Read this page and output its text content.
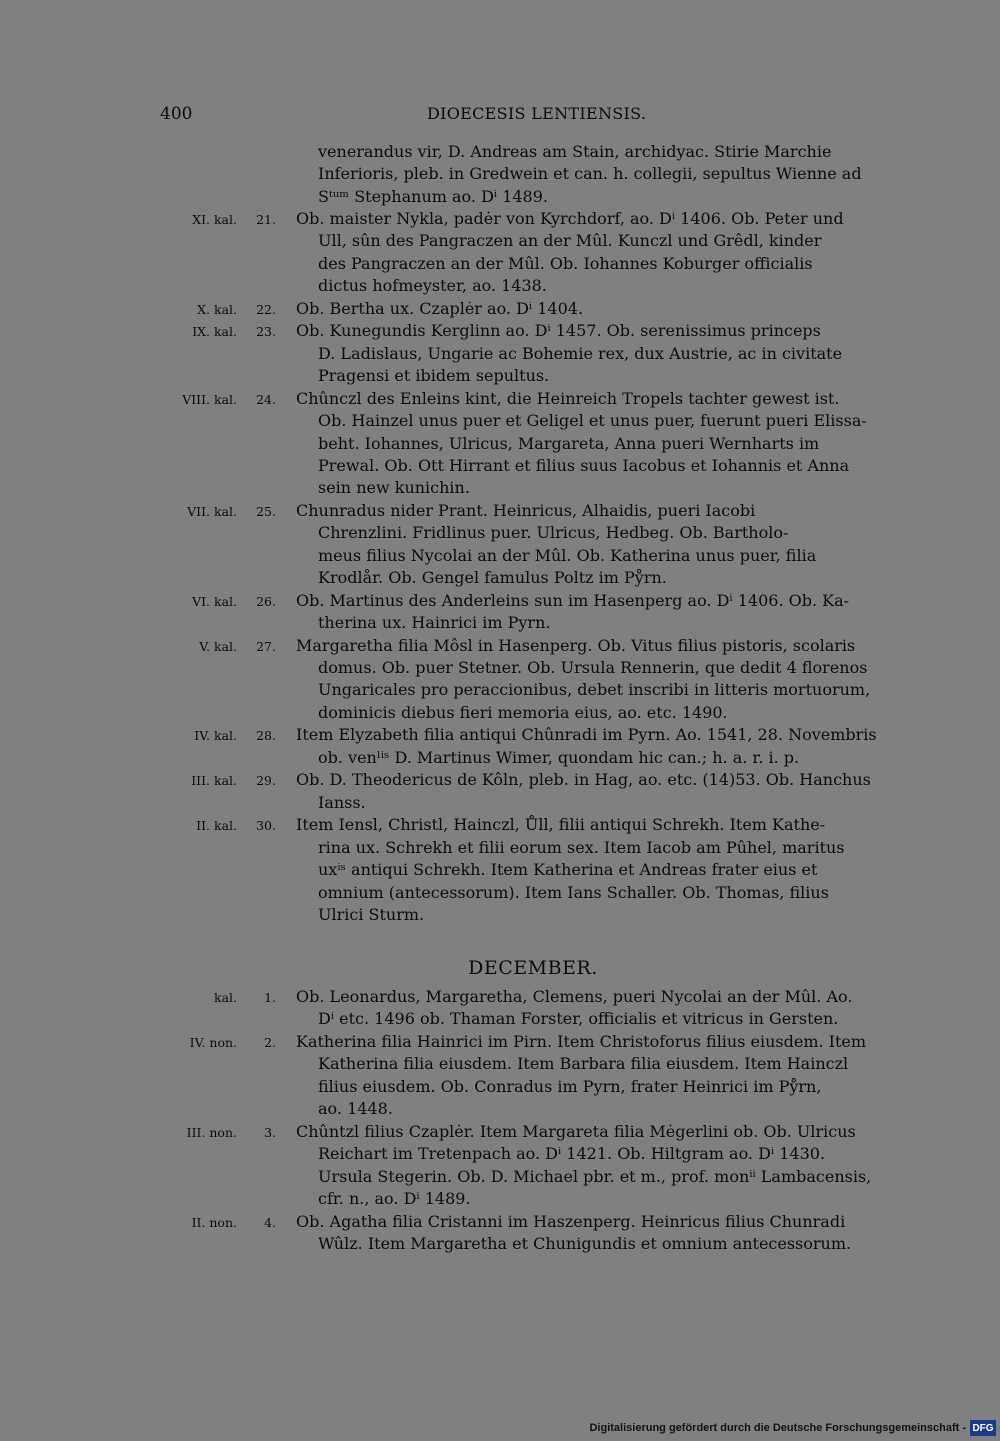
400	DIOECESIS LENTIENSIS.
venerandus vir, D. Andreas am Stain, archidyac. Stirie Marchie
Inferioris, pleb. in Gredwein et can. h. collegii, sepultus Wienne ad
Sᵗᵘᵐ Stephanum ao. Dⁱ 1489.
XI. kal. 21. Ob. maister Nykla, padėr von Kyrchdorf, ao. Dⁱ 1406. Ob. Peter und
Ull, sûn des Pangraczen an der Mûl. Kunczl und Grêdl, kinder
des Pangraczen an der Mûl. Ob. Iohannes Koburger officialis
dictus hofmeyster, ao. 1438.
X. kal. 22. Ob. Bertha ux. Czaplėr ao. Dⁱ 1404.
IX. kal. 23. Ob. Kunegundis Kerglinn ao. Dⁱ 1457. Ob. serenissimus princeps
D. Ladislaus, Ungarie ac Bohemie rex, dux Austrie, ac in civitate
Pragensi et ibidem sepultus.
VIII. kal. 24. Chûnczl des Enleins kint, die Heinreich Tropels tachter gewest ist.
Ob. Hainzel unus puer et Geligel et unus puer, fuerunt pueri Elissa-
beht. Iohannes, Ulricus, Margareta, Anna pueri Wernharts im
Prewal. Ob. Ott Hirrant et filius suus Iacobus et Iohannis et Anna
sein new kunichin.
VII. kal. 25. Chunradus nider Prant. Heinricus, Alhaidis, pueri Iacobi
Chrenzlini. Fridlinus puer. Ulricus, Hedbeg. Ob. Bartholo-
meus filius Nycolai an der Mûl. Ob. Katherina unus puer, filia
Krodlår. Ob. Gengel famulus Poltz im Pẙrn.
VI. kal. 26. Ob. Martinus des Anderleins sun im Hasenperg ao. Dⁱ 1406. Ob. Ka-
therina ux. Hainrici im Pyrn.
V. kal. 27. Margaretha filia Môsl in Hasenperg. Ob. Vitus filius pistoris, scolaris
domus. Ob. puer Stetner. Ob. Ursula Rennerin, que dedit 4 florenos
Ungaricales pro peraccionibus, debet inscribi in litteris mortuorum,
dominicis diebus fieri memoria eius, ao. etc. 1490.
IV. kal. 28. Item Elyzabeth filia antiqui Chûnradi im Pyrn. Ao. 1541, 28. Novembris
ob. venˡⁱˢ D. Martinus Wimer, quondam hic can.; h. a. r. i. p.
III. kal. 29. Ob. D. Theodericus de Kôln, pleb. in Hag, ao. etc. (14)53. Ob. Hanchus
Ianss.
II. kal. 30. Item Iensl, Christl, Hainczl, Ůll, filii antiqui Schrekh. Item Kathe-
rina ux. Schrekh et filii eorum sex. Item Iacob am Pûhel, maritus
uxⁱˢ antiqui Schrekh. Item Katherina et Andreas frater eius et
omnium (antecessorum). Item Ians Schaller. Ob. Thomas, filius
Ulrici Sturm.
kal. 1. Ob. Leonardus, Margaretha, Clemens, pueri Nycolai an der Mûl. Ao.
Dⁱ etc. 1496 ob. Thaman Forster, officialis et vitricus in Gersten.
IV. non. 2. Katherina filia Hainrici im Pirn. Item Christoforus filius eiusdem. Item
Katherina filia eiusdem. Item Barbara filia eiusdem. Item Hainczl
filius eiusdem. Ob. Conradus im Pyrn, frater Heinrici im Pẙrn,
ao. 1448.
III. non. 3. Chûntzl filius Czaplėr. Item Margareta filia Mėgerlini ob. Ob. Ulricus
Reichart im Tretenpach ao. Dⁱ 1421. Ob. Hiltgram ao. Dⁱ 1430.
Ursula Stegerin. Ob. D. Michael pbr. et m., prof. monⁱⁱ Lambacensis,
cfr. n., ao. Dⁱ 1489.
II. non. 4. Ob. Agatha filia Cristanni im Haszenperg. Heinricus filius Chunradi
Wûlz. Item Margaretha et Chunigundis et omnium antecessorum.
DECEMBER.
Digitalisierung gefördert durch die Deutsche Forschungsgemeinschaft - DFG
